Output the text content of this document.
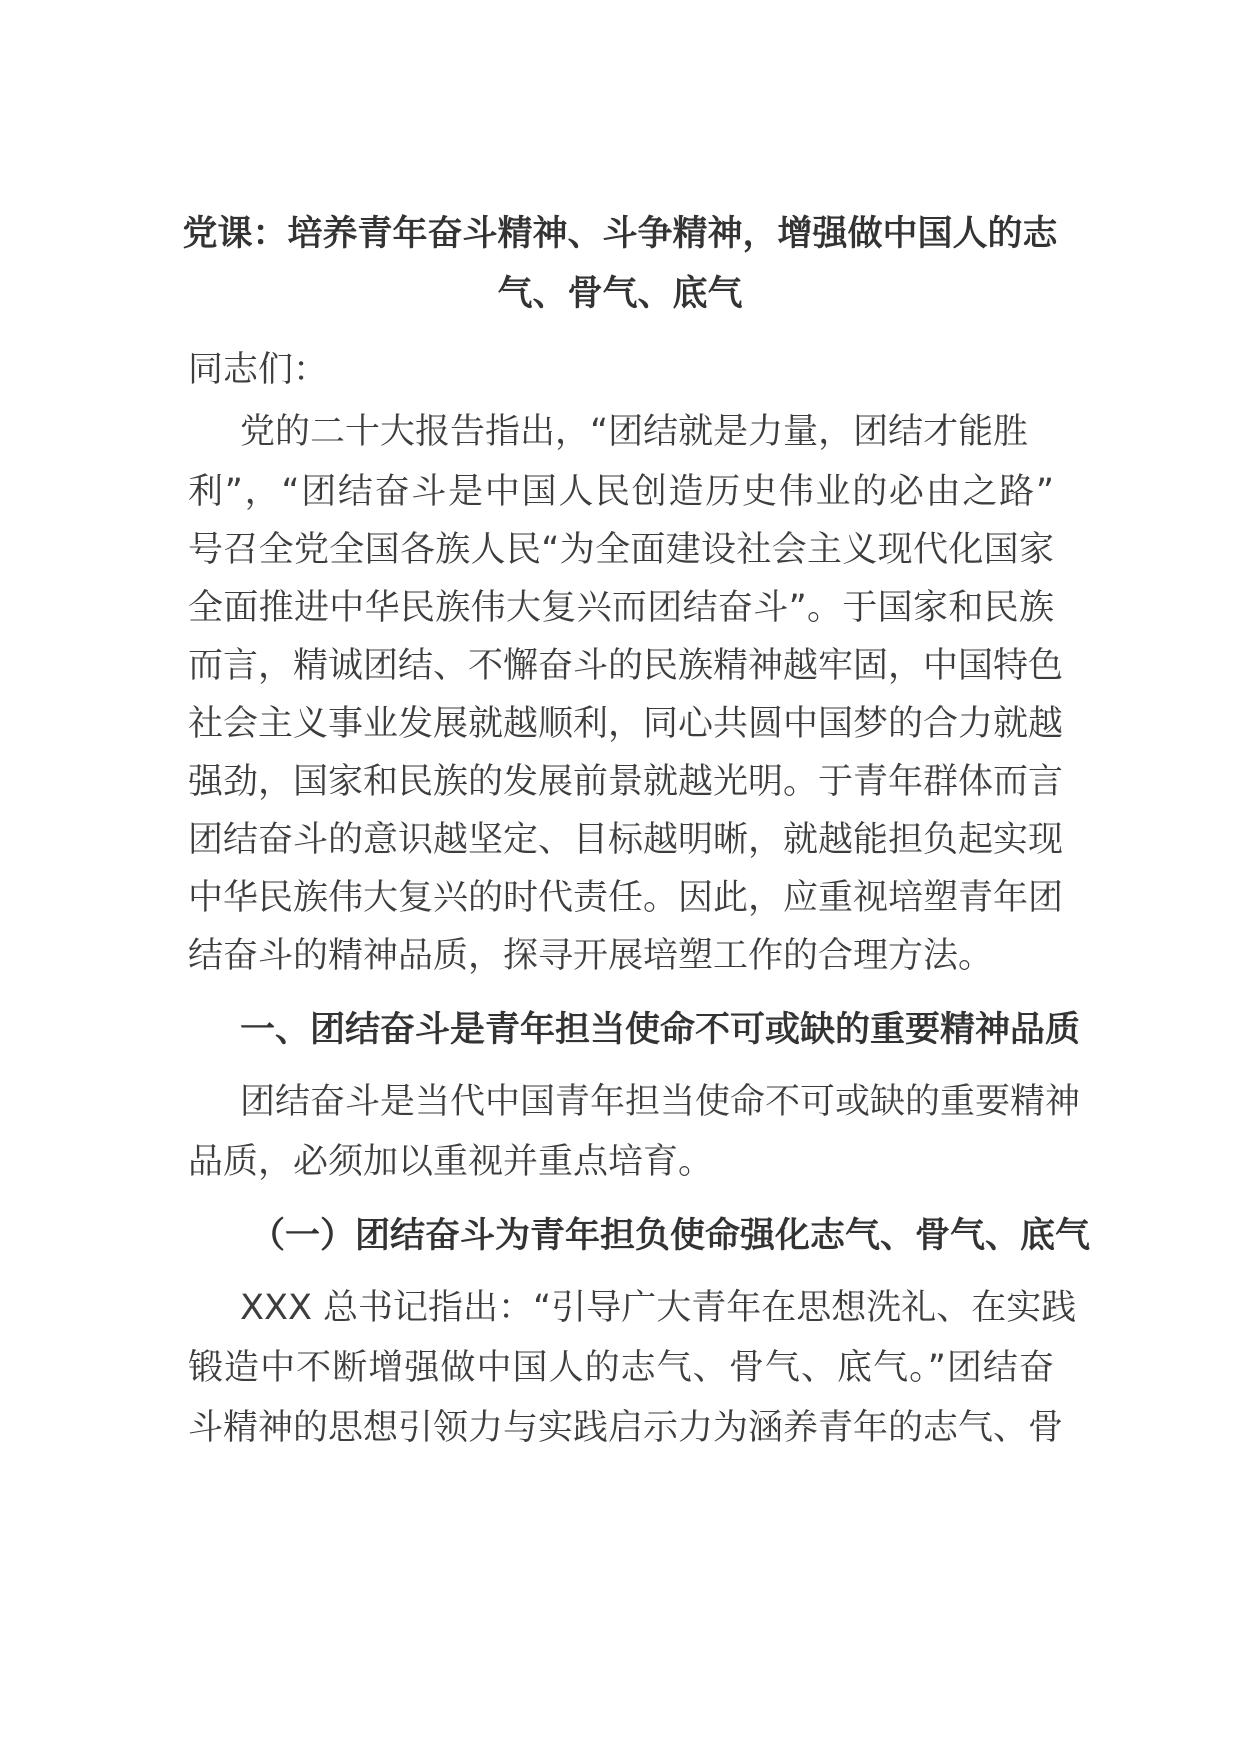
党课：培养青年奋斗精神、斗争精神，增强做中国人的志
气、骨气、底气
同志们：
党的二十大报告指出，“团结就是力量，团结才能胜
利”，“团结奋斗是中国人民创造历史伟业的必由之路”
号召全党全国各族人民“为全面建设社会主义现代化国家
全面推进中华民族伟大复兴而团结奋斗”。于国家和民族
而言，精诚团结、不懈奋斗的民族精神越牢固，中国特色
社会主义事业发展就越顺利，同心共圆中国梦的合力就越
强劲，国家和民族的发展前景就越光明。于青年群体而言
团结奋斗的意识越坚定、目标越明晰，就越能担负起实现
中华民族伟大复兴的时代责任。因此，应重视培塑青年团
结奋斗的精神品质，探寻开展培塑工作的合理方法。
一、团结奋斗是青年担当使命不可或缺的重要精神品质
团结奋斗是当代中国青年担当使命不可或缺的重要精神
品质，必须加以重视并重点培育。
（一）团结奋斗为青年担负使命强化志气、骨气、底气
XXX 总书记指出：“引导广大青年在思想洗礼、在实践
锻造中不断增强做中国人的志气、骨气、底气。”团结奋
斗精神的思想引领力与实践启示力为涵养青年的志气、骨
